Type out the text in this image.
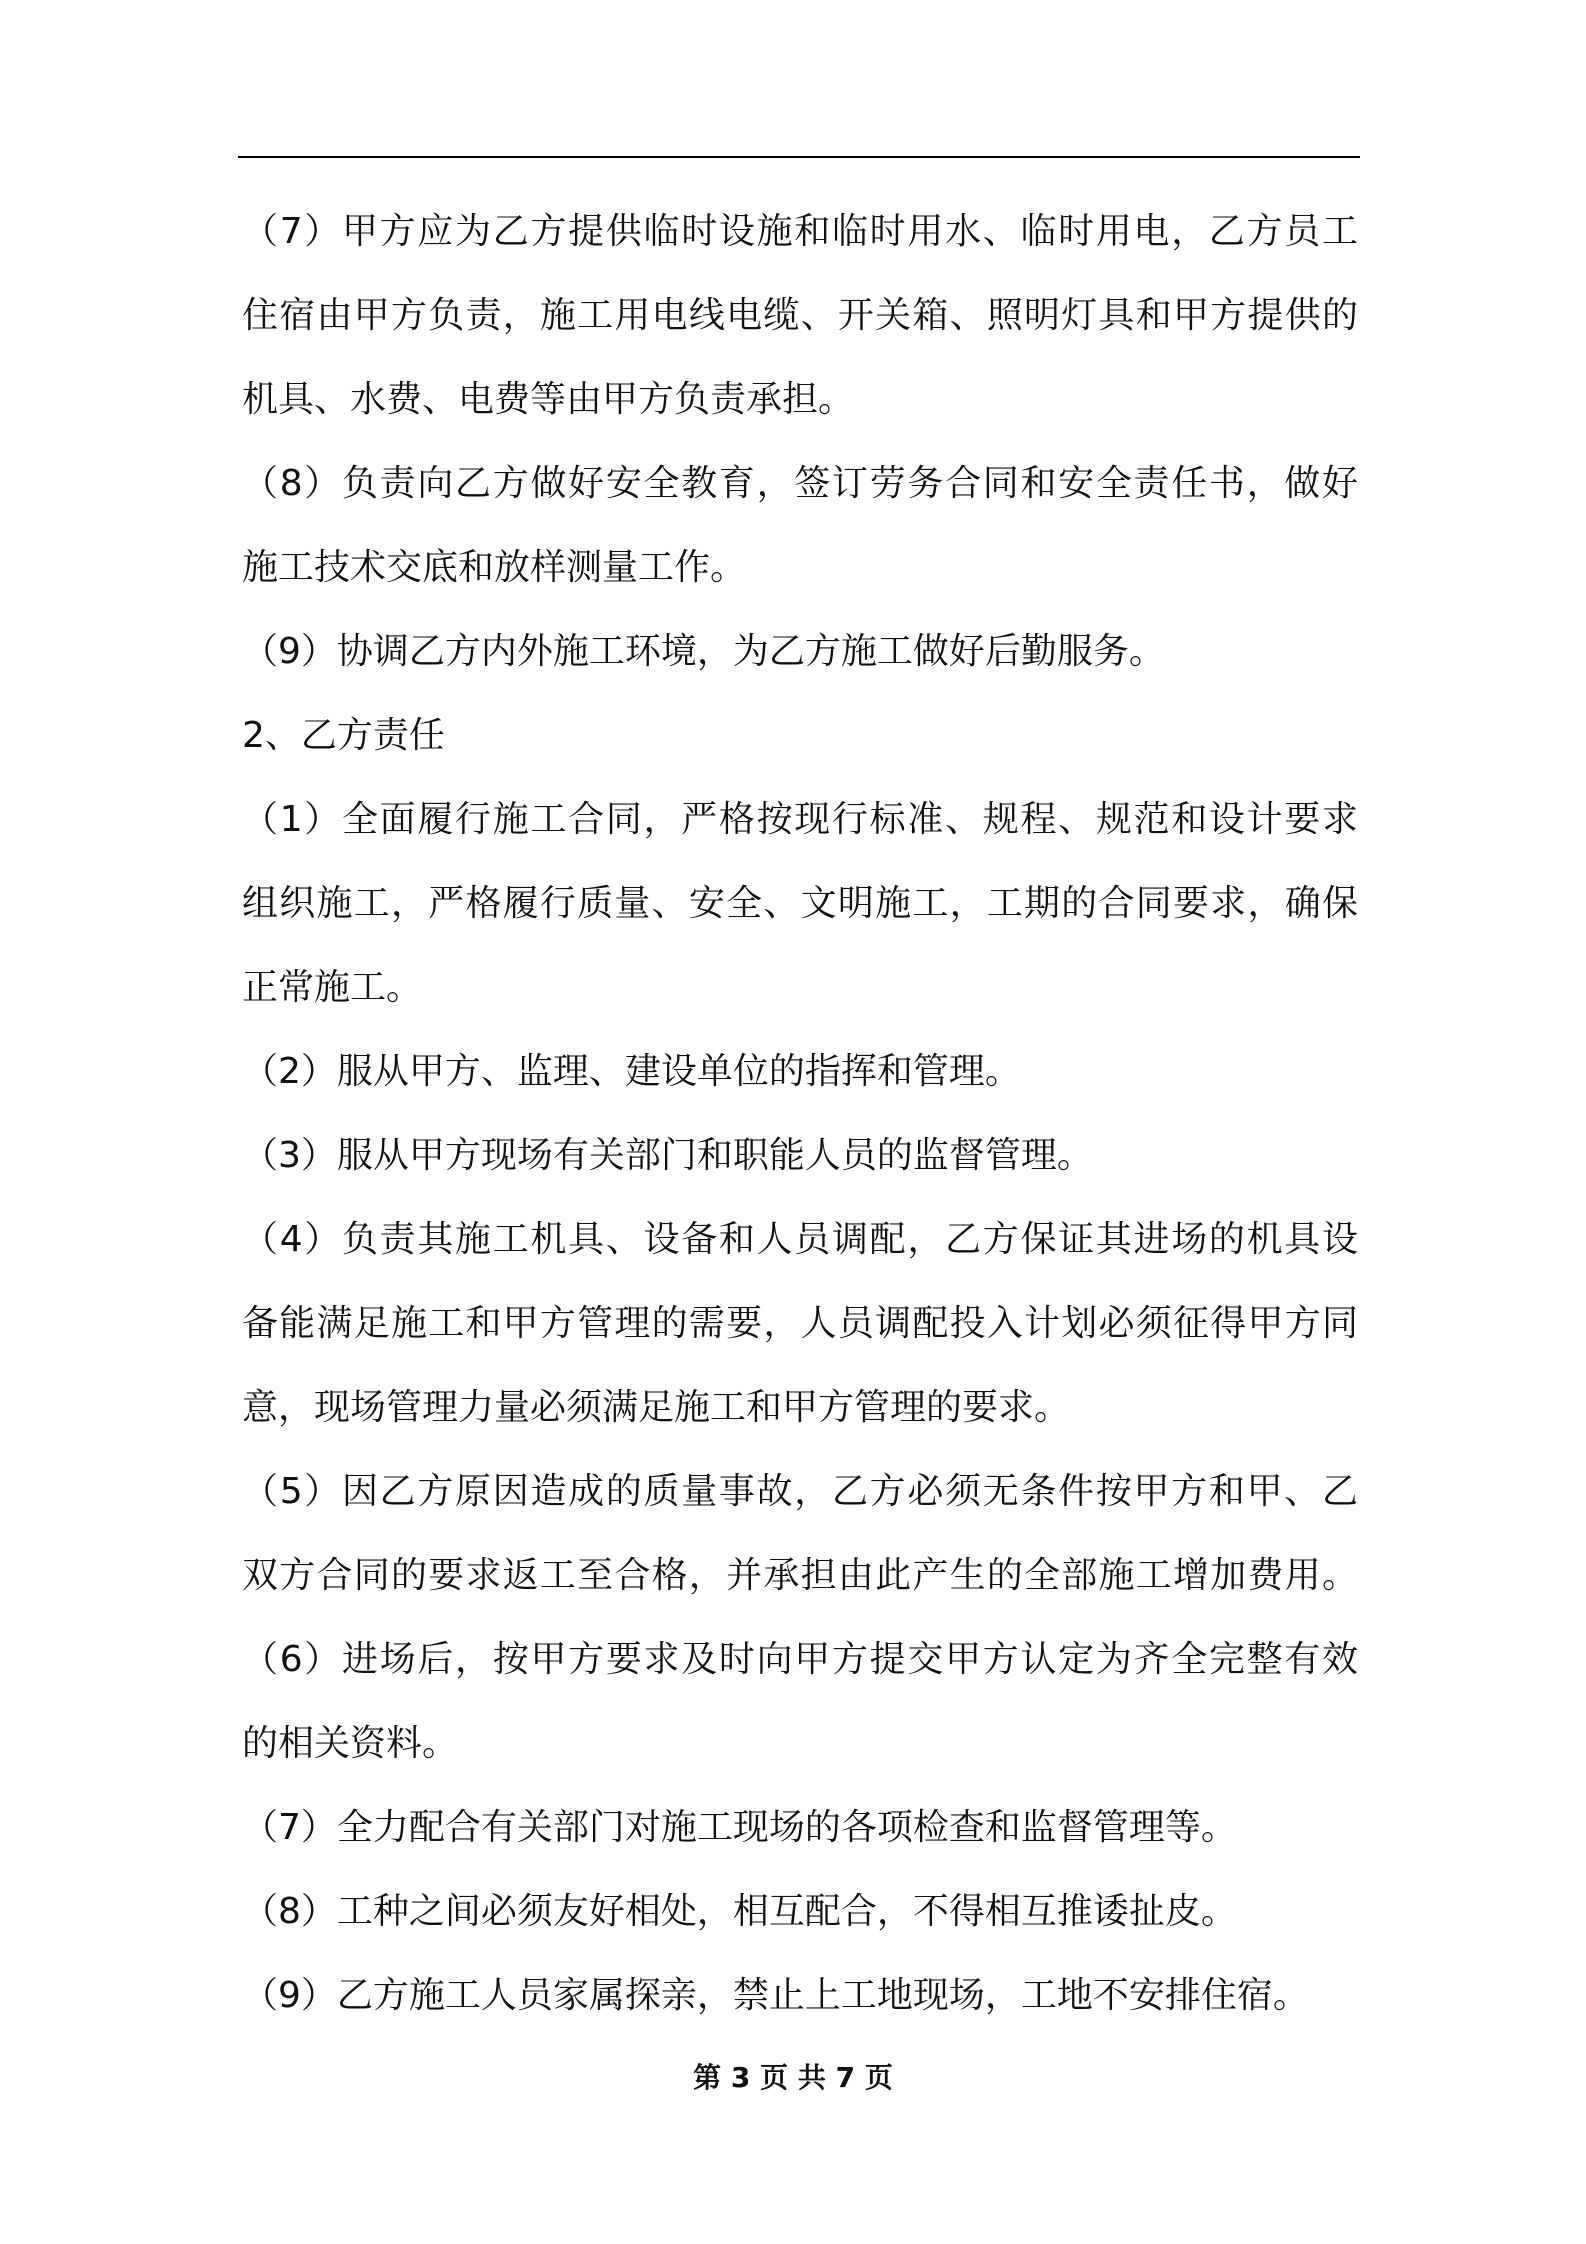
（7）甲方应为乙方提供临时设施和临时用水、临时用电，乙方员工
住宿由甲方负责，施工用电线电缆、开关箱、照明灯具和甲方提供的
机具、水费、电费等由甲方负责承担。
（8）负责向乙方做好安全教育，签订劳务合同和安全责任书，做好
施工技术交底和放样测量工作。
（9）协调乙方内外施工环境，为乙方施工做好后勤服务。
2、乙方责任
（1）全面履行施工合同，严格按现行标准、规程、规范和设计要求
组织施工，严格履行质量、安全、文明施工，工期的合同要求，确保
正常施工。
（2）服从甲方、监理、建设单位的指挥和管理。
（3）服从甲方现场有关部门和职能人员的监督管理。
（4）负责其施工机具、设备和人员调配，乙方保证其进场的机具设
备能满足施工和甲方管理的需要，人员调配投入计划必须征得甲方同
意，现场管理力量必须满足施工和甲方管理的要求。
（5）因乙方原因造成的质量事故，乙方必须无条件按甲方和甲、乙
双方合同的要求返工至合格，并承担由此产生的全部施工增加费用。
（6）进场后，按甲方要求及时向甲方提交甲方认定为齐全完整有效
的相关资料。
（7）全力配合有关部门对施工现场的各项检查和监督管理等。
（8）工种之间必须友好相处，相互配合，不得相互推诿扯皮。
（9）乙方施工人员家属探亲，禁止上工地现场，工地不安排住宿。
第 3 页 共 7 页
